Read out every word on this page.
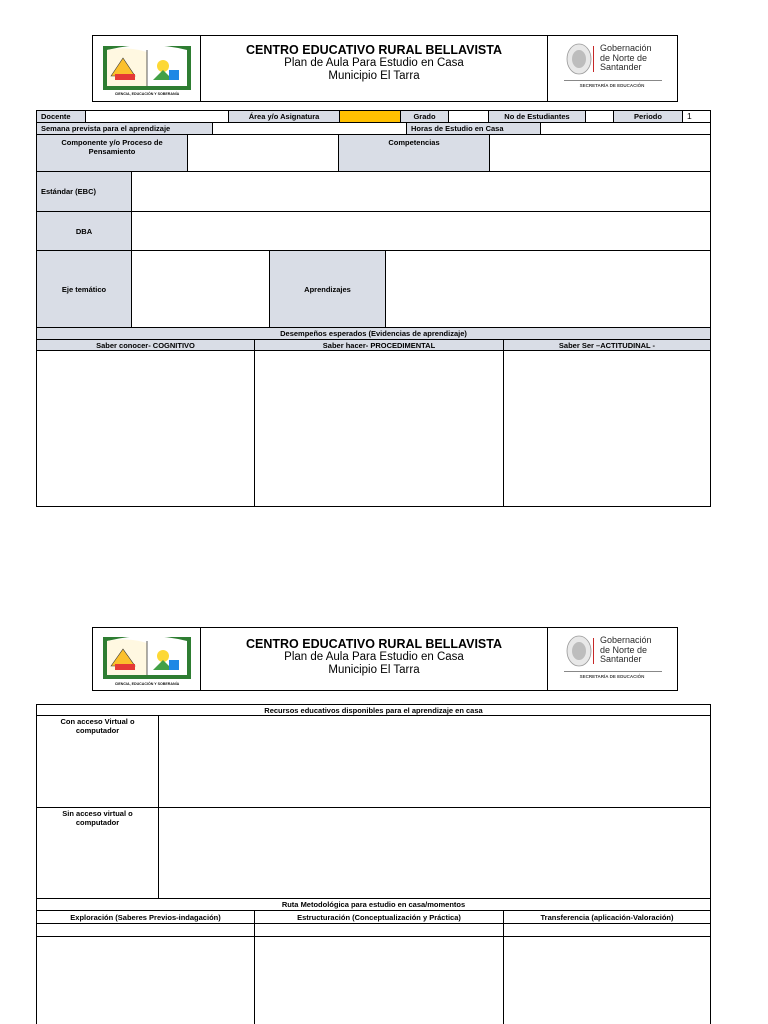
CIENCIA, EDUCACIÓN Y SOBERANÍA
CENTRO EDUCATIVO RURAL BELLAVISTA
Plan de Aula Para Estudio en Casa
Municipio El Tarra
Gobernación
de Norte de
Santander
SECRETARÍA DE EDUCACIÓN
Docente	Área y/o Asignatura	Grado	No de Estudiantes	Periodo	1
Semana prevista para el aprendizaje	Horas de Estudio en Casa
Componente y/o Proceso de Pensamiento
Competencias
Estándar (EBC)
DBA
Eje temático	Aprendizajes
Desempeños esperados (Evidencias de aprendizaje)
Saber conocer- COGNITIVO	Saber hacer- PROCEDIMENTAL	Saber Ser –ACTITUDINAL -
CIENCIA, EDUCACIÓN Y SOBERANÍA
CENTRO EDUCATIVO RURAL BELLAVISTA
Plan de Aula Para Estudio en Casa
Municipio El Tarra
Gobernación
de Norte de
Santander
SECRETARÍA DE EDUCACIÓN
Recursos educativos disponibles para el aprendizaje en casa
Con acceso Virtual o computador
Sin acceso virtual o computador
Ruta Metodológica para estudio en casa/momentos
Exploración (Saberes Previos-indagación)	Estructuración (Conceptualización y Práctica)	Transferencia (aplicación-Valoración)
